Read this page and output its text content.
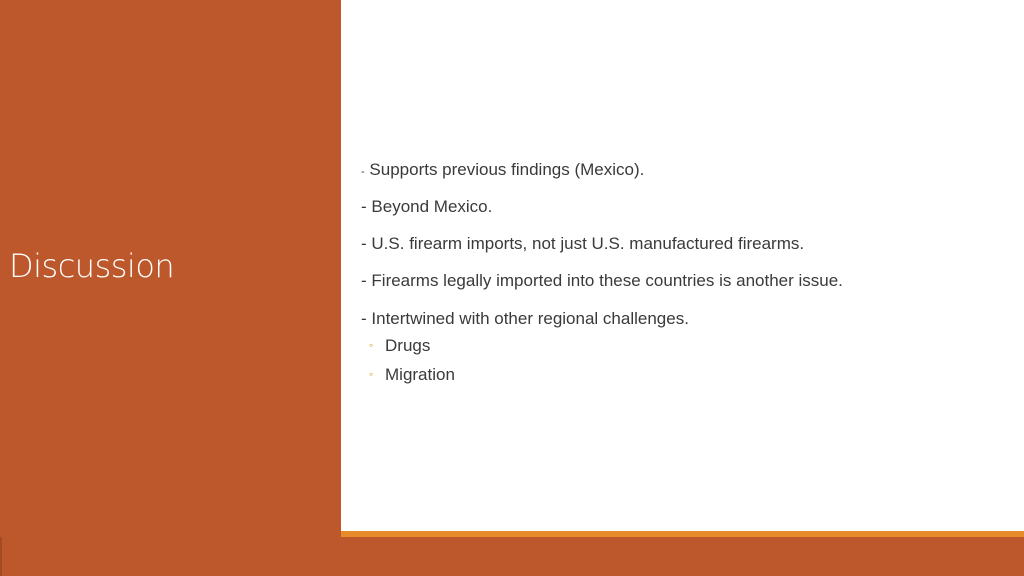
Discussion
- Supports previous findings (Mexico).
- Beyond Mexico.
- U.S. firearm imports, not just U.S. manufactured firearms.
- Firearms legally imported into these countries is another issue.
- Intertwined with other regional challenges.
◦ Drugs
◦ Migration
